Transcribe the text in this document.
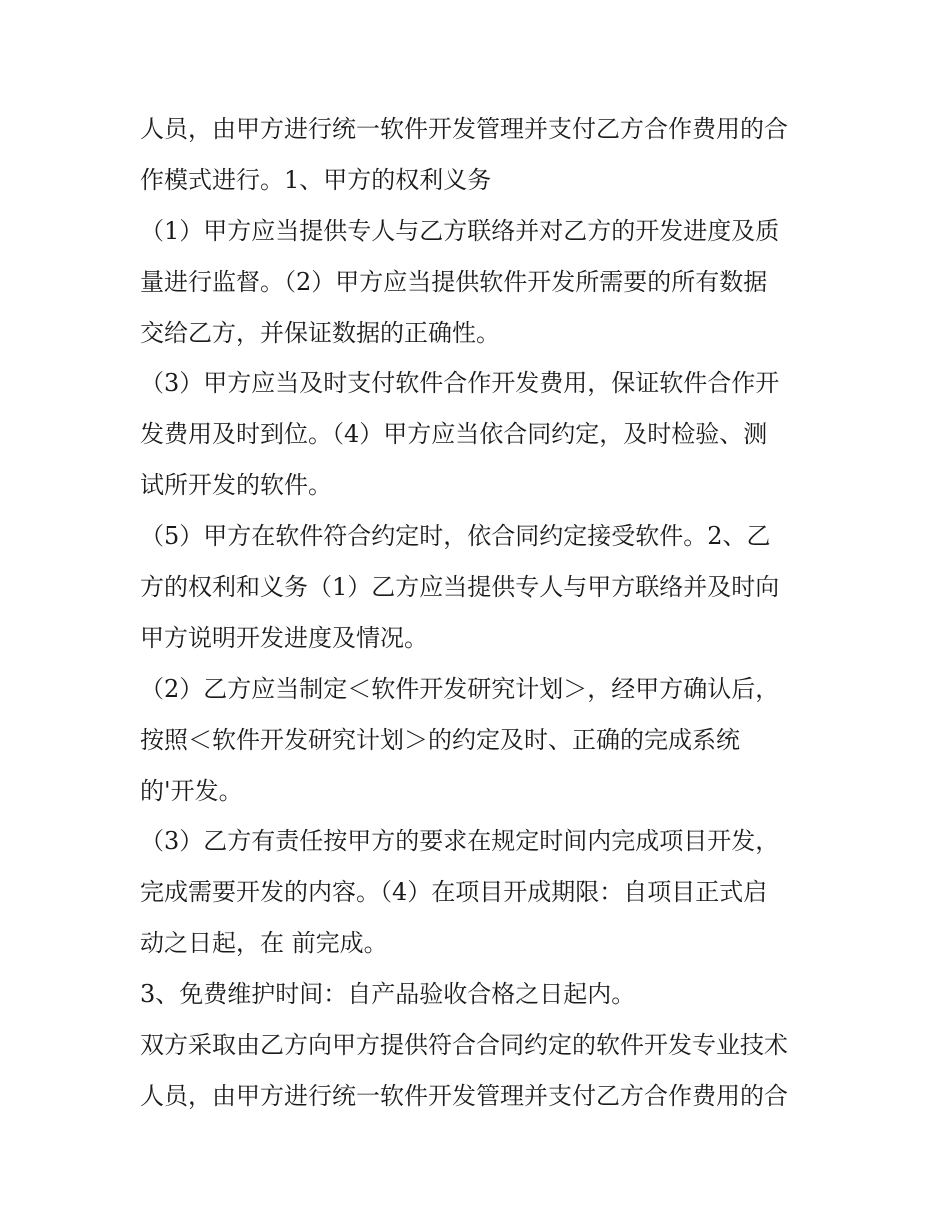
人员，由甲方进行统一软件开发管理并支付乙方合作费用的合
作模式进行。1、甲方的权利义务
（1）甲方应当提供专人与乙方联络并对乙方的开发进度及质
量进行监督。（2）甲方应当提供软件开发所需要的所有数据
交给乙方，并保证数据的正确性。
（3）甲方应当及时支付软件合作开发费用，保证软件合作开
发费用及时到位。（4）甲方应当依合同约定，及时检验、测
试所开发的软件。
（5）甲方在软件符合约定时，依合同约定接受软件。2、乙
方的权利和义务（1）乙方应当提供专人与甲方联络并及时向
甲方说明开发进度及情况。
（2）乙方应当制定＜软件开发研究计划＞，经甲方确认后，
按照＜软件开发研究计划＞的约定及时、正确的完成系统
的'开发。
（3）乙方有责任按甲方的要求在规定时间内完成项目开发，
完成需要开发的内容。（4）在项目开成期限：自项目正式启
动之日起，在 前完成。
3、免费维护时间：自产品验收合格之日起内。
双方采取由乙方向甲方提供符合合同约定的软件开发专业技术
人员，由甲方进行统一软件开发管理并支付乙方合作费用的合
